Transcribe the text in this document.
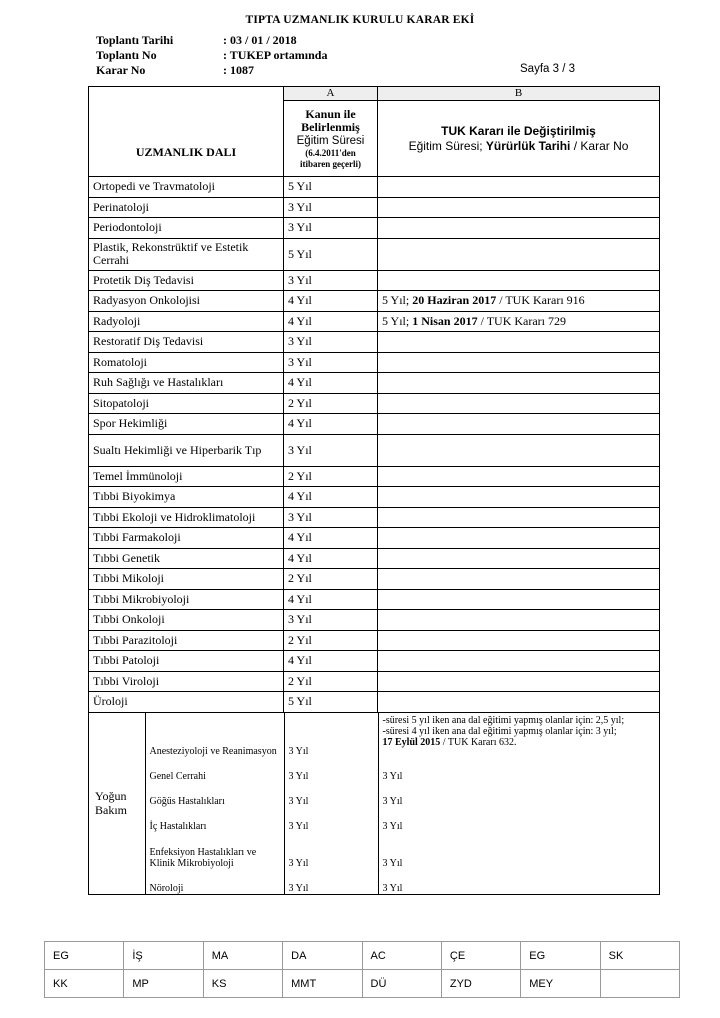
TIPTA UZMANLIK KURULU KARAR EKİ
Toplantı Tarihi	: 03 / 01 / 2018
Toplantı No	: TUKEP ortamında
Karar No	: 1087	Sayfa 3 / 3
UZMANLIK DALI	A	B
Kanun ile
Belirlenmiş
Eğitim Süresi
(6.4.2011'den
itibaren geçerli)
	TUK Kararı ile Değiştirilmiş
Eğitim Süresi; Yürürlük Tarihi / Karar No
Ortopedi ve Travmatoloji	5 Yıl	
Perinatoloji	3 Yıl	
Periodontoloji	3 Yıl	
Plastik, Rekonstrüktif ve Estetik Cerrahi	5 Yıl	
Protetik Diş Tedavisi	3 Yıl	
Radyasyon Onkolojisi	4 Yıl	5 Yıl; 20 Haziran 2017 / TUK Kararı 916
Radyoloji	4 Yıl	5 Yıl; 1 Nisan 2017 / TUK Kararı 729
Restoratif Diş Tedavisi	3 Yıl	
Romatoloji	3 Yıl	
Ruh Sağlığı ve Hastalıkları	4 Yıl	
Sitopatoloji	2 Yıl	
Spor Hekimliği	4 Yıl	
Sualtı Hekimliği ve Hiperbarik Tıp	3 Yıl	
Temel İmmünoloji	2 Yıl	
Tıbbi Biyokimya	4 Yıl	
Tıbbi Ekoloji ve Hidroklimatoloji	3 Yıl	
Tıbbi Farmakoloji	4 Yıl	
Tıbbi Genetik	4 Yıl	
Tıbbi Mikoloji	2 Yıl	
Tıbbi Mikrobiyoloji	4 Yıl	
Tıbbi Onkoloji	3 Yıl	
Tıbbi Parazitoloji	2 Yıl	
Tıbbi Patoloji	4 Yıl	
Tıbbi Viroloji	2 Yıl	
Üroloji	5 Yıl	

Yoğun Bakım	Anesteziyoloji ve Reanimasyon	3 Yıl	
-süresi 5 yıl iken ana dal eğitimi yapmış olanlar için: 2,5 yıl;
-süresi 4 yıl iken ana dal eğitimi yapmış olanlar için: 3 yıl;
17 Eylül 2015 / TUK Kararı 632.

Genel Cerrahi	3 Yıl	3 Yıl
Göğüs Hastalıkları	3 Yıl	3 Yıl
İç Hastalıkları	3 Yıl	3 Yıl
Enfeksiyon Hastalıkları ve Klinik Mikrobiyoloji	3 Yıl	3 Yıl
Nöroloji	3 Yıl	3 Yıl
EG	İŞ	MA	DA	AC	ÇE	EG	SK
KK	MP	KS	MMT	DÜ	ZYD	MEY	
